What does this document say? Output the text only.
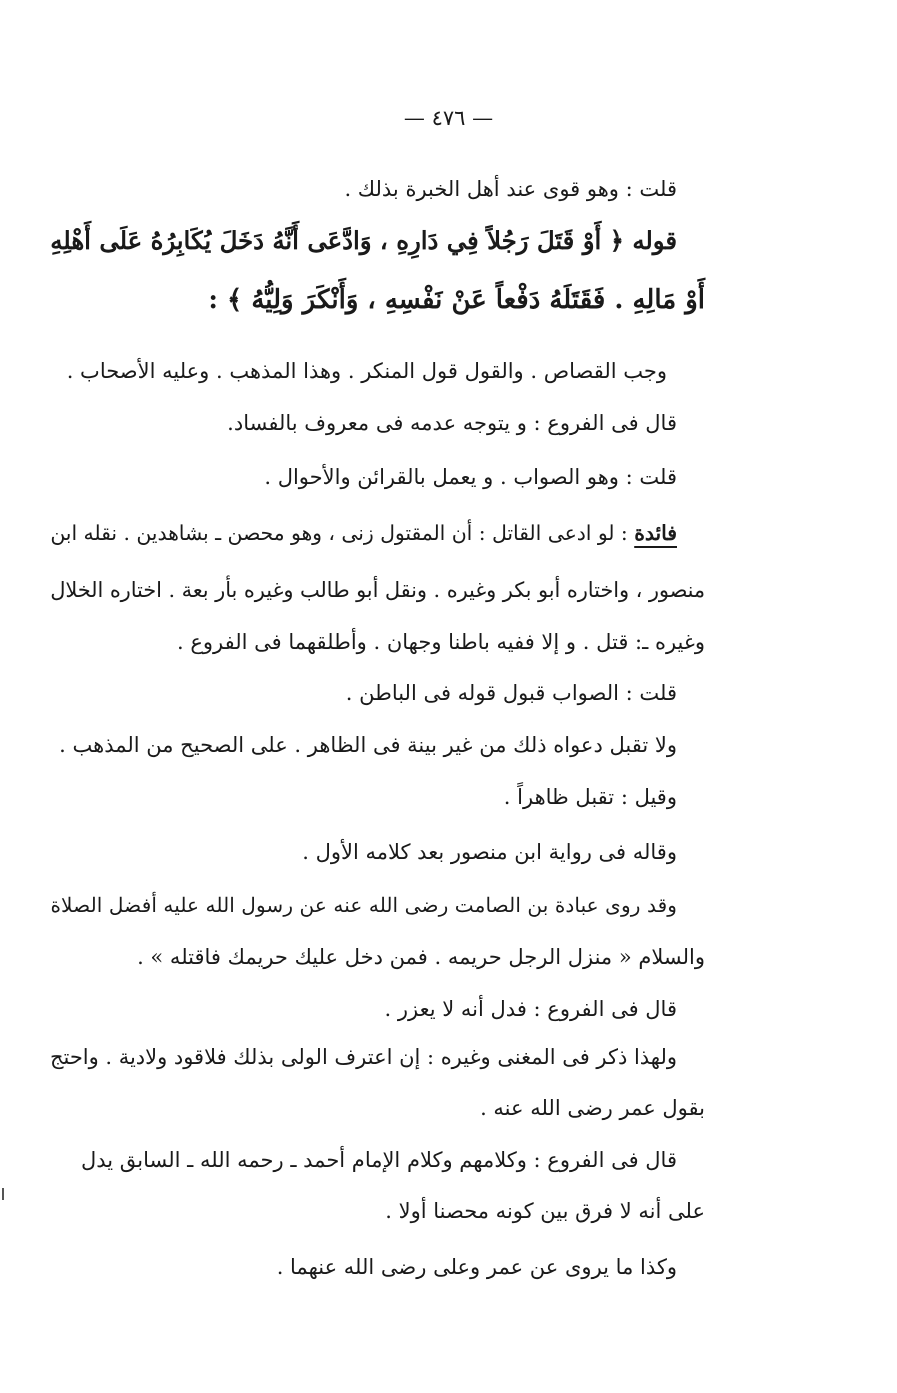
— ٤٧٦ —
قلت : وهو قوى عند أهل الخبرة بذلك .
قوله ﴿ أَوْ قَتَلَ رَجُلاً فِي دَارِهِ ، وَادَّعَى أَنَّهُ دَخَلَ يُكَابِرُهُ عَلَى أَهْلِهِ
أَوْ مَالِهِ . فَقَتَلَهُ دَفْعاً عَنْ نَفْسِهِ ، وَأَنْكَرَ وَلِيُّهُ ﴾ :
وجب القصاص . والقول قول المنكر . وهذا المذهب . وعليه الأصحاب .
قال فى الفروع : و يتوجه عدمه فى معروف بالفساد.
قلت : وهو الصواب . و يعمل بالقرائن والأحوال .
فائدة : لو ادعى القاتل : أن المقتول زنى ، وهو محصن ـ بشاهدين . نقله ابن
منصور ، واختاره أبو بكر وغيره . ونقل أبو طالب وغيره بأر بعة . اختاره الخلال
وغيره ـ: قتل . و إلا ففيه باطنا وجهان . وأطلقهما فى الفروع .
قلت : الصواب قبول قوله فى الباطن .
ولا تقبل دعواه ذلك من غير بينة فى الظاهر . على الصحيح من المذهب .
وقيل : تقبل ظاهراً .
وقاله فى رواية ابن منصور بعد كلامه الأول .
وقد روى عبادة بن الصامت رضى الله عنه عن رسول الله عليه أفضل الصلاة
والسلام « منزل الرجل حريمه . فمن دخل عليك حريمك فاقتله » .
قال فى الفروع : فدل أنه لا يعزر .
ولهذا ذكر فى المغنى وغيره : إن اعترف الولى بذلك فلاقود ولادية . واحتج
بقول عمر رضى الله عنه .
قال فى الفروع : وكلامهم وكلام الإمام أحمد ـ رحمه الله ـ السابق يدل
على أنه لا فرق بين كونه محصنا أولا .
وكذا ما يروى عن عمر وعلى رضى الله عنهما .
